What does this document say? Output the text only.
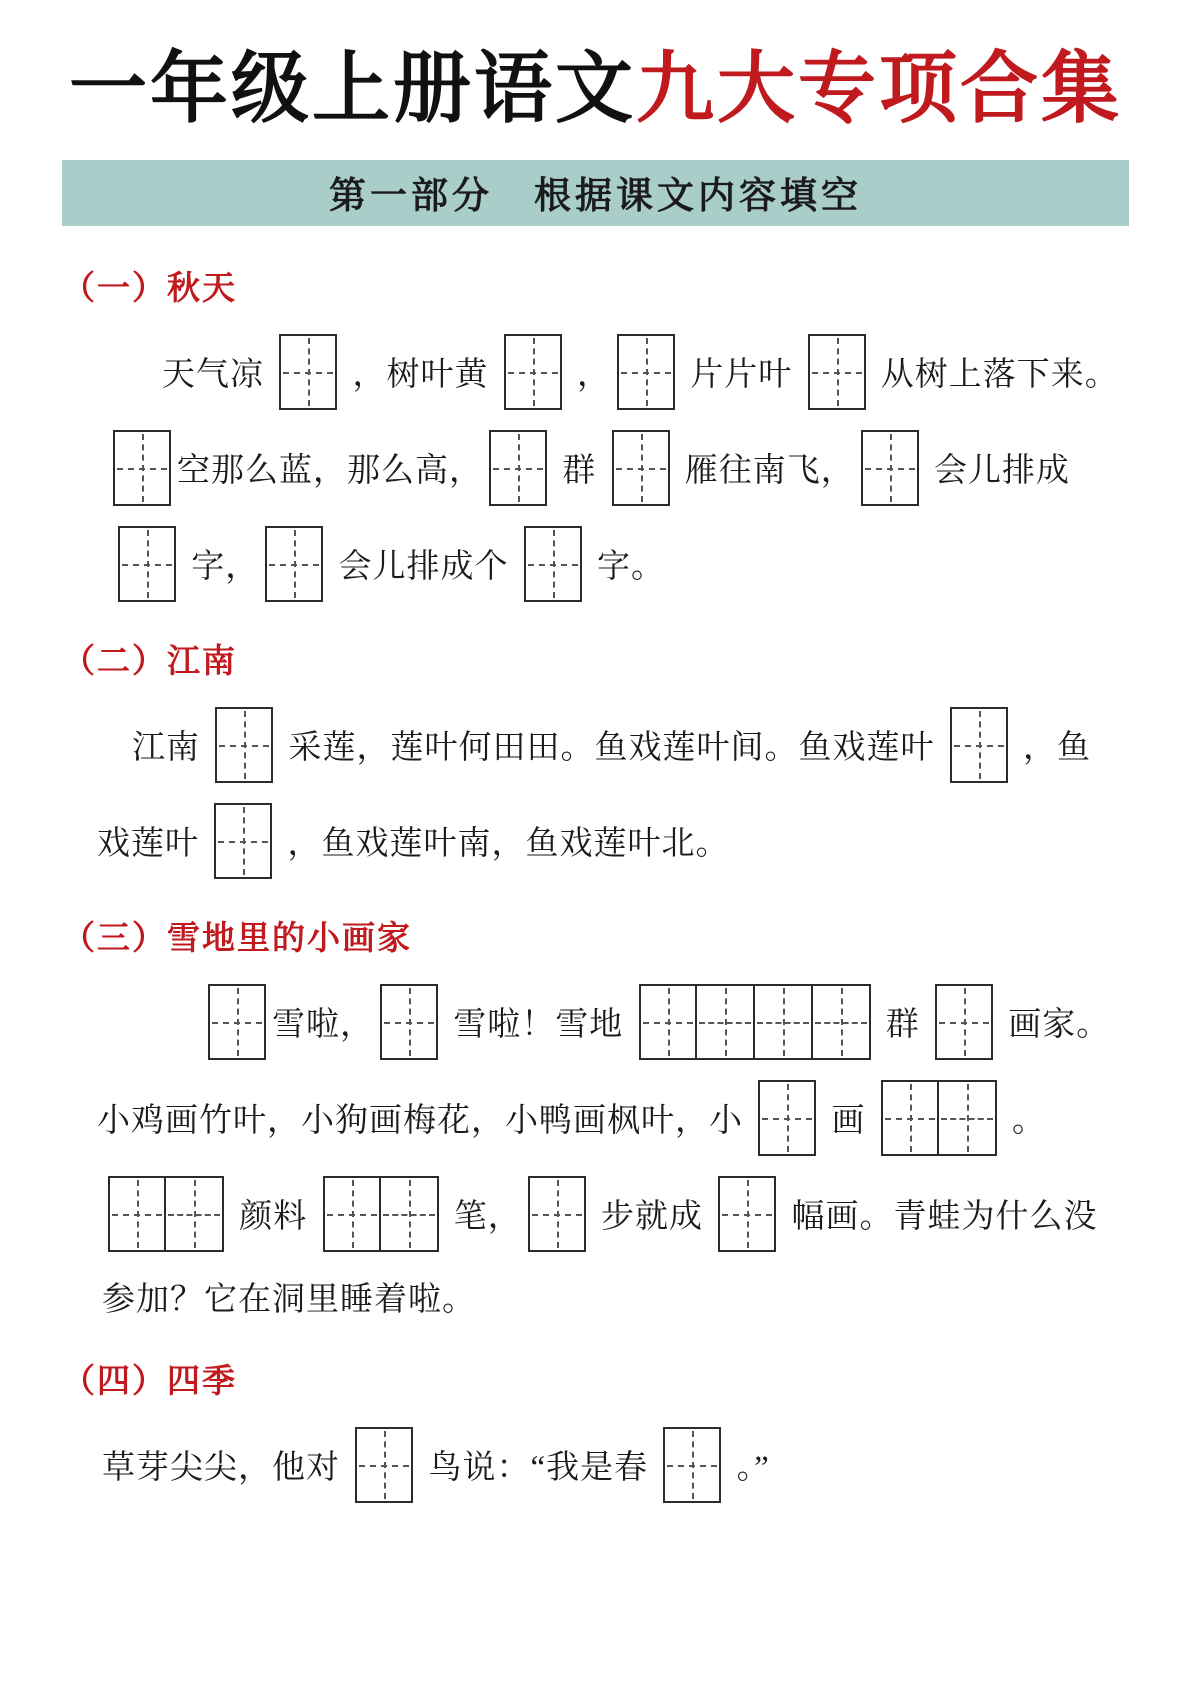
一年级上册语文九大专项合集
第一部分　根据课文内容填空
（一）秋天
天气凉 ，树叶黄 ， 片片叶 从树上落下来。
空那么蓝，那么高， 群 雁往南飞， 会儿排成
字， 会儿排成个 字。
（二）江南
江南 采莲，莲叶何田田。鱼戏莲叶间。鱼戏莲叶 ，鱼
戏莲叶 ，鱼戏莲叶南，鱼戏莲叶北。
（三）雪地里的小画家
雪啦， 雪啦！雪地	群 画家。
小鸡画竹叶，小狗画梅花，小鸭画枫叶，小 画	。
颜料	笔， 步就成 幅画。青蛙为什么没
参加？它在洞里睡着啦。
（四）四季
草芽尖尖，他对 鸟说：“我是春 。”
